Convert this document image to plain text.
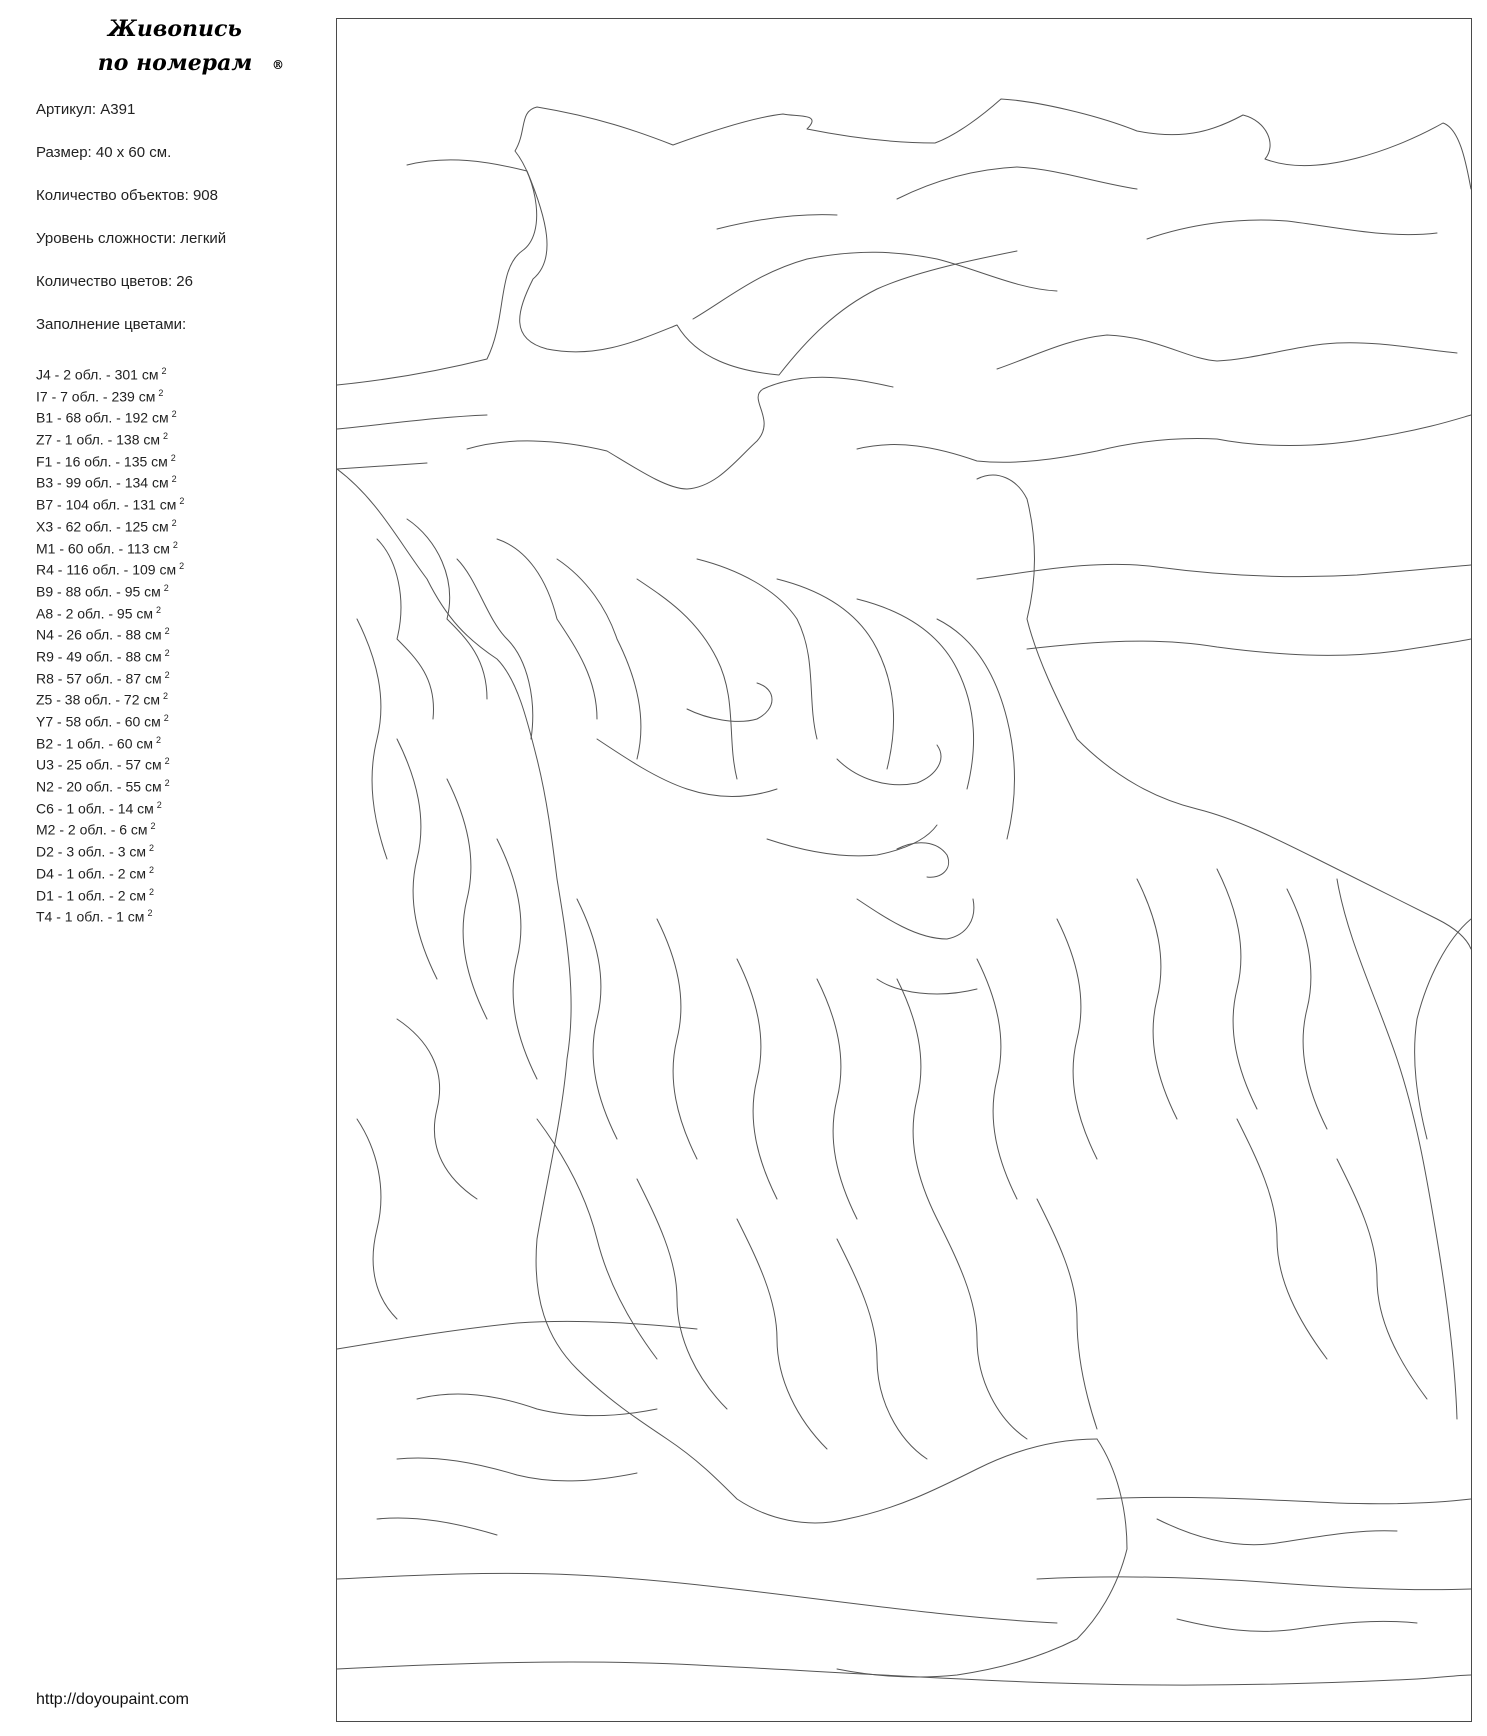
Живопись
по номерам	®
Артикул: A391
Размер: 40 х 60 см.
Количество объектов: 908
Уровень сложности: легкий
Количество цветов: 26
Заполнение цветами:
J4 - 2 обл. - 301 см $^2$
I7 - 7 обл. - 239 см $^2$
B1 - 68 обл. - 192 см $^2$
Z7 - 1 обл. - 138 см $^2$
F1 - 16 обл. - 135 см $^2$
B3 - 99 обл. - 134 см $^2$
B7 - 104 обл. - 131 см $^2$
X3 - 62 обл. - 125 см $^2$
M1 - 60 обл. - 113 см $^2$
R4 - 116 обл. - 109 см $^2$
B9 - 88 обл. - 95 см $^2$
A8 - 2 обл. - 95 см $^2$
N4 - 26 обл. - 88 см $^2$
R9 - 49 обл. - 88 см $^2$
R8 - 57 обл. - 87 см $^2$
Z5 - 38 обл. - 72 см $^2$
Y7 - 58 обл. - 60 см $^2$
B2 - 1 обл. - 60 см $^2$
U3 - 25 обл. - 57 см $^2$
N2 - 20 обл. - 55 см $^2$
C6 - 1 обл. - 14 см $^2$
M2 - 2 обл. - 6 см $^2$
D2 - 3 обл. - 3 см $^2$
D4 - 1 обл. - 2 см $^2$
D1 - 1 обл. - 2 см $^2$
T4 - 1 обл. - 1 см $^2$
http://doyoupaint.com
